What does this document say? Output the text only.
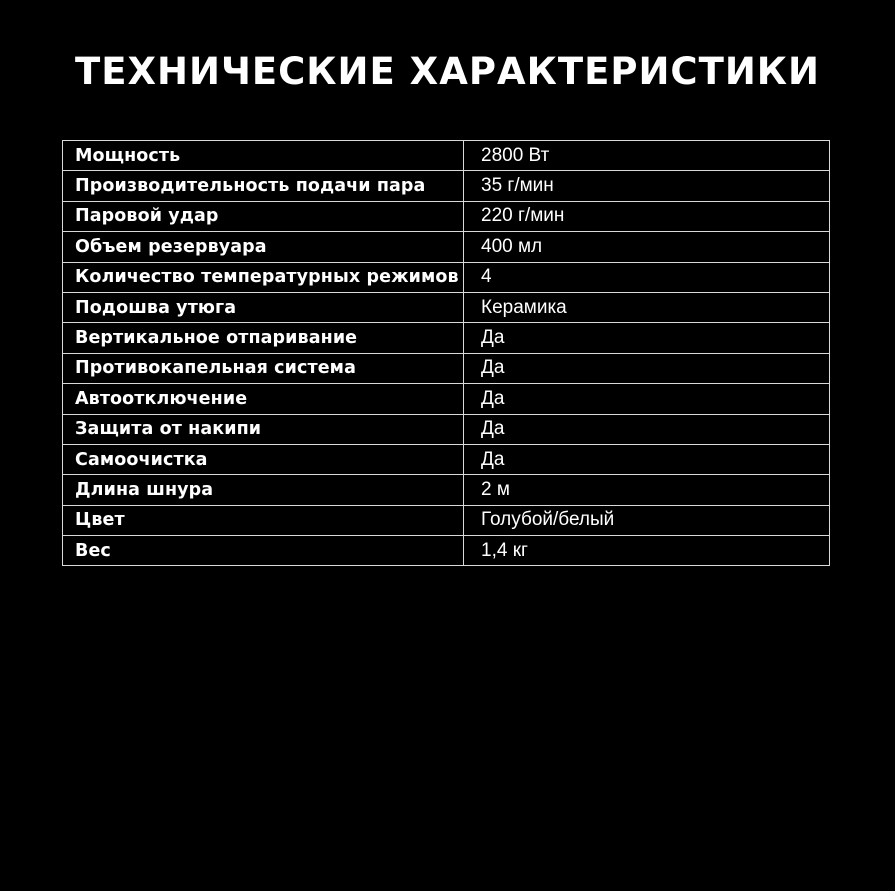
ТЕХНИЧЕСКИЕ ХАРАКТЕРИСТИКИ
Мощность	2800 Вт
Производительность подачи пара	35 г/мин
Паровой удар	220 г/мин
Объем резервуара	400 мл
Количество температурных режимов	4
Подошва утюга	Керамика
Вертикальное отпаривание	Да
Противокапельная система	Да
Автоотключение	Да
Защита от накипи	Да
Самоочистка	Да
Длина шнура	2 м
Цвет	Голубой/белый
Вес	1,4 кг
